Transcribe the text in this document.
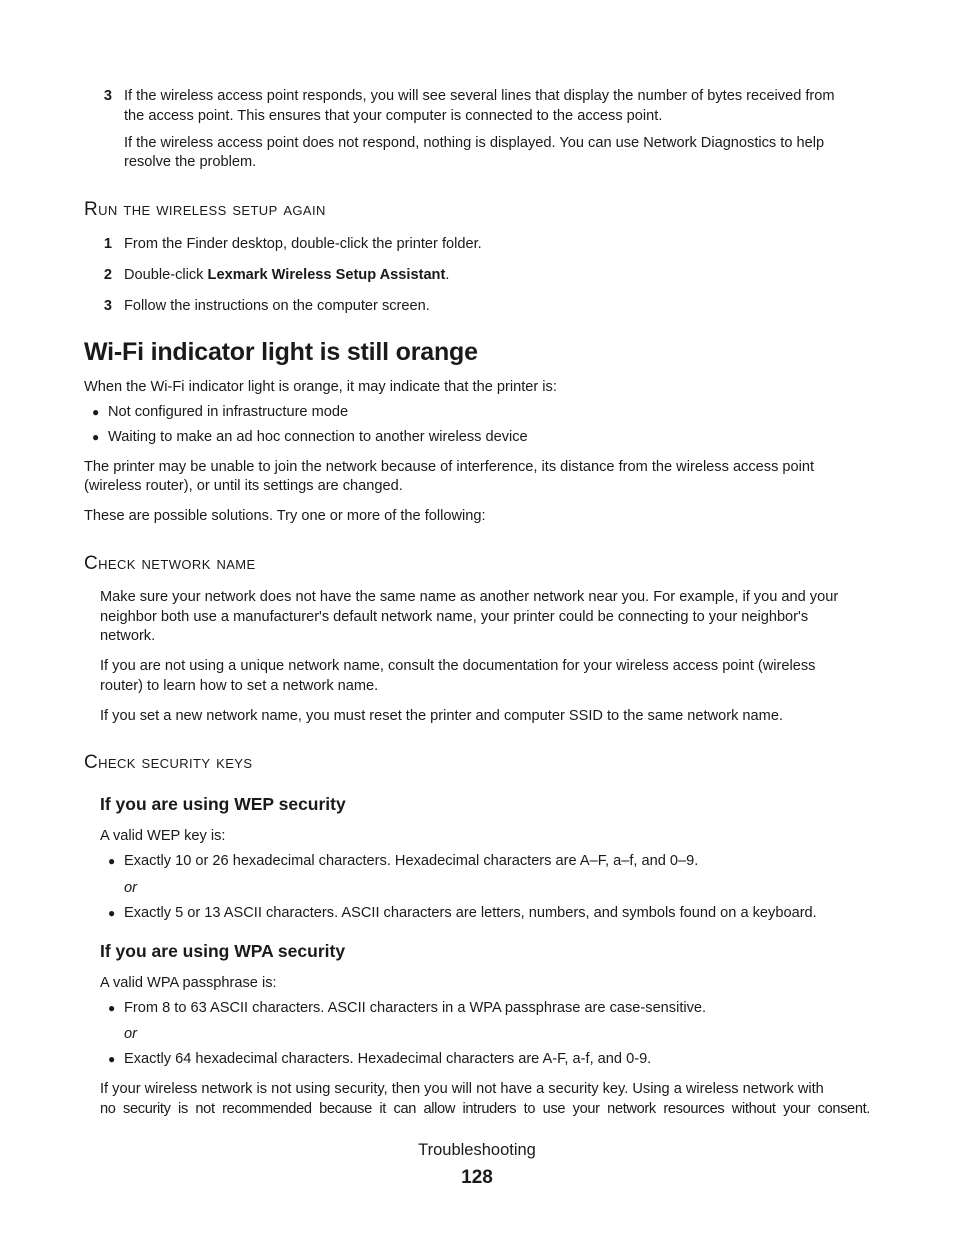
3 If the wireless access point responds, you will see several lines that display the number of bytes received from

the access point. This ensures that your computer is connected to the access point.

If the wireless access point does not respond, nothing is displayed. You can use Network Diagnostics to help

resolve the problem.

Run the wireless setup again
1 From the Finder desktop, double-click the printer folder.

2 Double-click Lexmark Wireless Setup Assistant.

3 Follow the instructions on the computer screen.

Wi-Fi indicator light is still orange

When the Wi-Fi indicator light is orange, it may indicate that the printer is:

● Not configured in infrastructure mode

● Waiting to make an ad hoc connection to another wireless device

The printer may be unable to join the network because of interference, its distance from the wireless access point

(wireless router), or until its settings are changed.

These are possible solutions. Try one or more of the following:

Check network name

Make sure your network does not have the same name as another network near you. For example, if you and your

neighbor both use a manufacturer's default network name, your printer could be connecting to your neighbor's

network.

If you are not using a unique network name, consult the documentation for your wireless access point (wireless

router) to learn how to set a network name.

If you set a new network name, you must reset the printer and computer SSID to the same network name.

Check security keys
If you are using WEP security

A valid WEP key is:

● Exactly 10 or 26 hexadecimal characters. Hexadecimal characters are A–F, a–f, and 0–9.

or

● Exactly 5 or 13 ASCII characters. ASCII characters are letters, numbers, and symbols found on a keyboard.

If you are using WPA security

A valid WPA passphrase is:

● From 8 to 63 ASCII characters. ASCII characters in a WPA passphrase are case-sensitive.

or

● Exactly 64 hexadecimal characters. Hexadecimal characters are A-F, a-f, and 0-9.

If your wireless network is not using security, then you will not have a security key. Using a wireless network with

no security is not recommended because it can allow intruders to use your network resources without your consent.

Troubleshooting
128
